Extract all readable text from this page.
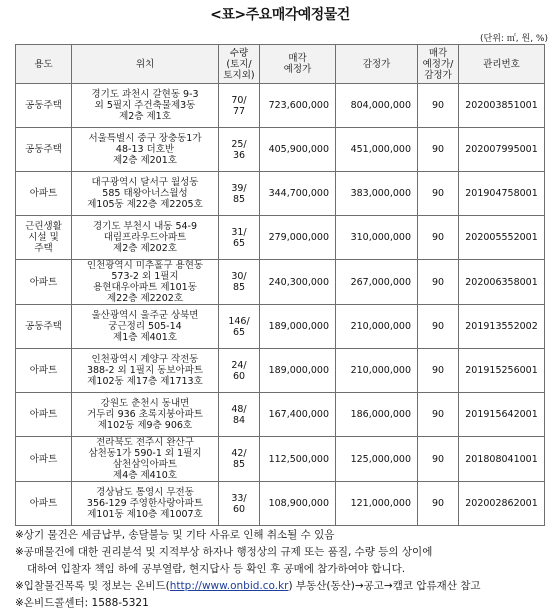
<표>주요매각예정물건
(단위: ㎡, 원, %)
용도	위치	수량
(토지/
토지외)	매각
예정가	감정가	매각
예정가/
감정가	관리번호
공동주택	경기도 과천시 갈현동 9-3
외 5필지 주건축물제3동
제2층 제1호	70/
77	723,600,000	804,000,000	90	202003851001
공동주택	서울특별시 중구 장충동1가
48-13 더호반
제2층 제201호	25/
36	405,900,000	451,000,000	90	202007995001
아파트	대구광역시 달서구 월성동
585 태왕아너스월성
제105동 제22층 제2205호	39/
85	344,700,000	383,000,000	90	201904758001
근린생활
시설 및
주택	경기도 부천시 내동 54-9
대림프라우드아파트
제2층 제202호	31/
65	279,000,000	310,000,000	90	202005552001
아파트	인천광역시 미추홀구 용현동
573-2 외 1필지
용현대우아파트 제101동
제22층 제2202호	30/
85	240,300,000	267,000,000	90	202006358001
공동주택	울산광역시 울주군 상북면
궁근정리 505-14
제1층 제401호	146/
65	189,000,000	210,000,000	90	201913552002
아파트	인천광역시 계양구 작전동
388-2 외 1필지 동보아파트
제102동 제17층 제1713호	24/
60	189,000,000	210,000,000	90	201915256001
아파트	강원도 춘천시 동내면
거두리 936 초록지붕아파트
제102동 제9층 906호	48/
84	167,400,000	186,000,000	90	201915642001
아파트	전라북도 전주시 완산구
삼천동1가 590-1 외 1필지
삼천삼익아파트
제4층 제410호	42/
85	112,500,000	125,000,000	90	201808041001
아파트	경상남도 통영시 무전동
356-129 주영한사랑아파트
제101동 제10층 제1007호	33/
60	108,900,000	121,000,000	90	202002862001

※상기 물건은 세금납부, 송달불능 및 기타 사유로 인해 취소될 수 있음

※공매물건에 대한 권리분석 및 지적부상 하자나 행정상의 규제 또는 품질, 수량 등의 상이에

대하여 입찰자 책임 하에 공부열람, 현지답사 등 확인 후 공매에 참가하여야 합니다.

※입찰물건목록 및 정보는 온비드(http://www.onbid.co.kr) 부동산(동산)→공고→캠코 압류재산 참고

※온비드콜센터: 1588-5321
